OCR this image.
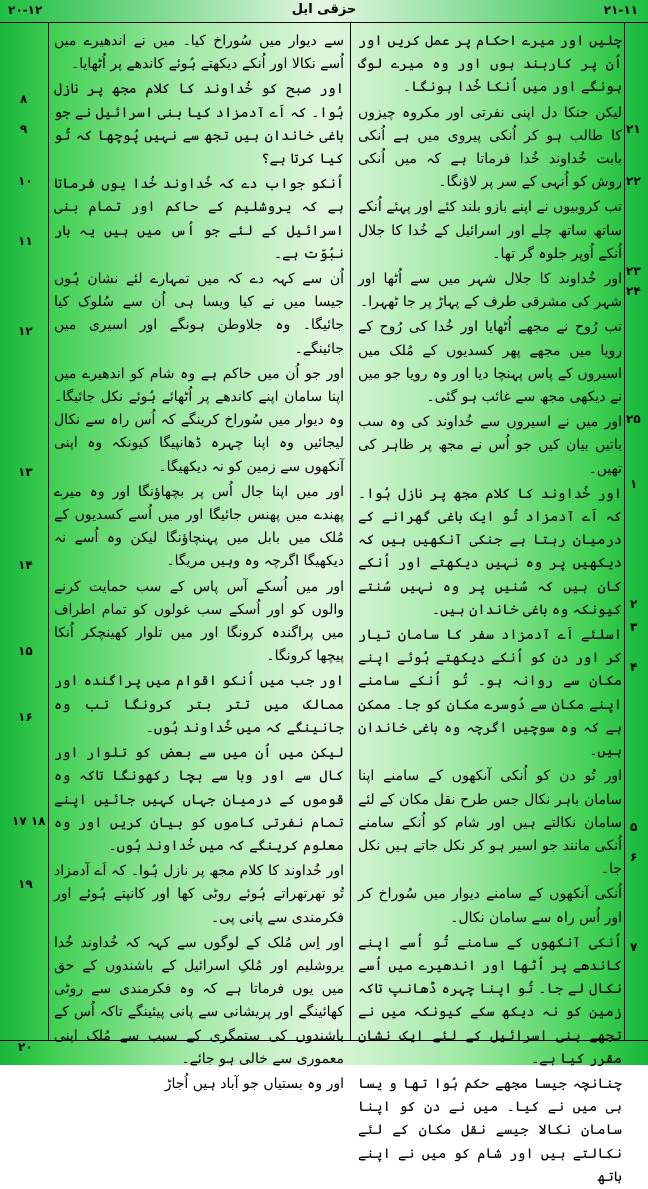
۲۰-۱۲	حزقی ایل	۲۱-۱۱

چلیں اور میرے احکام پر عمل کریں اور اُن پر کاربند ہوں اور وہ میرے لوگ ہونگے اور میں اُنکا خُدا ہونگا۔

لیکن جنکا دل اپنی نفرتی اور مکروہ چیزوں کا طالب ہو کر اُنکی پیروی میں ہے اُنکی بابت خُداوند خُدا فرماتا ہے کہ میں اُنکی روش کو اُنہی کے سر پر لاؤنگا۔

تب کروبیوں نے اپنے بازو بلند کئے اور پہئے اُنکے ساتھ ساتھ چلے اور اسرائیل کے خُدا کا جلال اُنکے اُوپر جلوہ گر تھا۔

اور خُداوند کا جلال شہر میں سے اُٹھا اور شہر کی مشرقی طرف کے پہاڑ پر جا ٹھہرا۔

تب رُوح نے مجھے اُٹھایا اور خُدا کی رُوح کے رویا میں مجھے پھر کسدیوں کے مُلک میں اسیروں کے پاس پہنچا دیا اور وہ رویا جو میں نے دیکھی مجھ سے غائب ہو گئی۔

اور میں نے اسیروں سے خُداوند کی وہ سب باتیں بیان کیں جو اُس نے مجھ پر ظاہر کی تھیں۔

اور خُداوند کا کلام مجھ پر نازل ہُوا۔ کہ اَے آدمزاد تُو ایک باغی گھرانے کے درمیان رہتا ہے جنکی آنکھیں ہیں کہ دیکھیں پر وہ نہیں دیکھتے اور اُنکے کان ہیں کہ سُنیں پر وہ نہیں سُنتے کیونکہ وہ باغی خاندان ہیں۔

اسلئے اَے آدمزاد سفر کا سامان تیار کر اور دن کو اُنکے دیکھتے ہُوئے اپنے مکان سے روانہ ہو۔ تُو اُنکے سامنے اپنے مکان سے دُوسرے مکان کو جا۔ ممکن ہے کہ وہ سوچیں اگرچہ وہ باغی خاندان ہیں۔

اور تُو دن کو اُنکی آنکھوں کے سامنے اپنا سامان باہر نکال جس طرح نقل مکان کے لئے سامان نکالتے ہیں اور شام کو اُنکے سامنے اُنکی مانند جو اسیر ہو کر نکل جاتے ہیں نکل جا۔

اُنکی آنکھوں کے سامنے دیوار میں سُوراخ کر اور اُس راہ سے سامان نکال۔

اُنکی آنکھوں کے سامنے تُو اُسے اپنے کاندھے پر اُٹھا اور اندھیرے میں اُسے نکال لے جا۔ تُو اپنا چہرہ ڈھانپ تاکہ زمین کو نہ دیکھ سکے کیونکہ میں نے تجھے بنی اسرائیل کے لئے ایک نشان مقرر کیا ہے۔

چنانچہ جیسا مجھے حکم ہُوا تھا و یسا ہی میں نے کیا۔ میں نے دن کو اپنا سامان نکالا جیسے نقل مکان کے لئے نکالتے ہیں اور شام کو میں نے اپنے ہاتھ

سے دیوار میں سُوراخ کیا۔ میں نے اندھیرے میں اُسے نکالا اور اُنکے دیکھتے ہُوئے کاندھے پر اُٹھایا۔

اور صبح کو خُداوند کا کلام مجھ پر نازل ہُوا۔ کہ اَے آدمزاد کیا بنی اسرائیل نے جو باغی خاندان ہیں تجھ سے نہیں پُوچھا کہ تُو کیا کرتا ہے؟

اُنکو جواب دے کہ خُداوند خُدا یوں فرماتا ہے کہ یروشلیم کے حاکم اور تمام بنی اسرائیل کے لئے جو اُس میں ہیں یہ بار نبُوّت ہے۔

اُن سے کہہ دے کہ میں تمہارے لئے نشان ہُوں جیسا میں نے کیا ویسا ہی اُن سے سُلوک کیا جائیگا۔ وہ جلاوطن ہونگے اور اسیری میں جائینگے۔

اور جو اُن میں حاکم ہے وہ شام کو اندھیرے میں اپنا سامان اپنے کاندھے پر اُٹھائے ہُوئے نکل جائیگا۔ وہ دیوار میں سُوراخ کرینگے کہ اُس راہ سے نکال لیجائیں وہ اپنا چہرہ ڈھانپیگا کیونکہ وہ اپنی آنکھوں سے زمین کو نہ دیکھیگا۔

اور میں اپنا جال اُس پر بچھاؤنگا اور وہ میرے پھندے میں پھنس جائیگا اور میں اُسے کسدیوں کے مُلک میں بابل میں پہنچاؤنگا لیکن وہ اُسے نہ دیکھیگا اگرچہ وہ وہیں مریگا۔

اور میں اُسکے آس پاس کے سب حمایت کرنے والوں کو اور اُسکے سب غولوں کو تمام اطراف میں پراگندہ کرونگا اور میں تلوار کھینچکر اُنکا پیچھا کرونگا۔

اور جب میں اُنکو اقوام میں پراگندہ اور ممالک میں تتر بتر کرونگا تب وہ جانینگے کہ میں خُداوند ہُوں۔

لیکن میں اُن میں سے بعض کو تلوار اور کال سے اور وبا سے بچا رکھونگا تاکہ وہ قوموں کے درمیان جہاں کہیں جائیں اپنے تمام نفرتی کاموں کو بیان کریں اور وہ معلوم کرینگے کہ میں خُداوند ہُوں۔

اور خُداوند کا کلام مجھ پر نازل ہُوا۔ کہ اَے آدمزاد تُو تھرتھراتے ہُوئے روٹی کھا اور کانپتے ہُوئے اور فکرمندی سے پانی پی۔

اور اِس مُلک کے لوگوں سے کہہ کہ خُداوند خُدا یروشلیم اور مُلکِ اسرائیل کے باشندوں کے حق میں یوں فرماتا ہے کہ وہ فکرمندی سے روٹی کھائینگے اور پریشانی سے پانی پیئینگے تاکہ اُس کے باشندوں کی ستمگری کے سبب سے مُلک اپنی معموری سے خالی ہو جائے۔

اور وہ بستیاں جو آباد ہیں اُجاڑ

۲۱
۲۲
۲۳
۲۴
۲۵
۱
۲
۳
۴
۵
۶
۷
۸
۹
۱۰
۱۱
۱۲
۱۳
۱۴
۱۵
۱۶
۱۷ ۱۸
۱۹
۲۰
